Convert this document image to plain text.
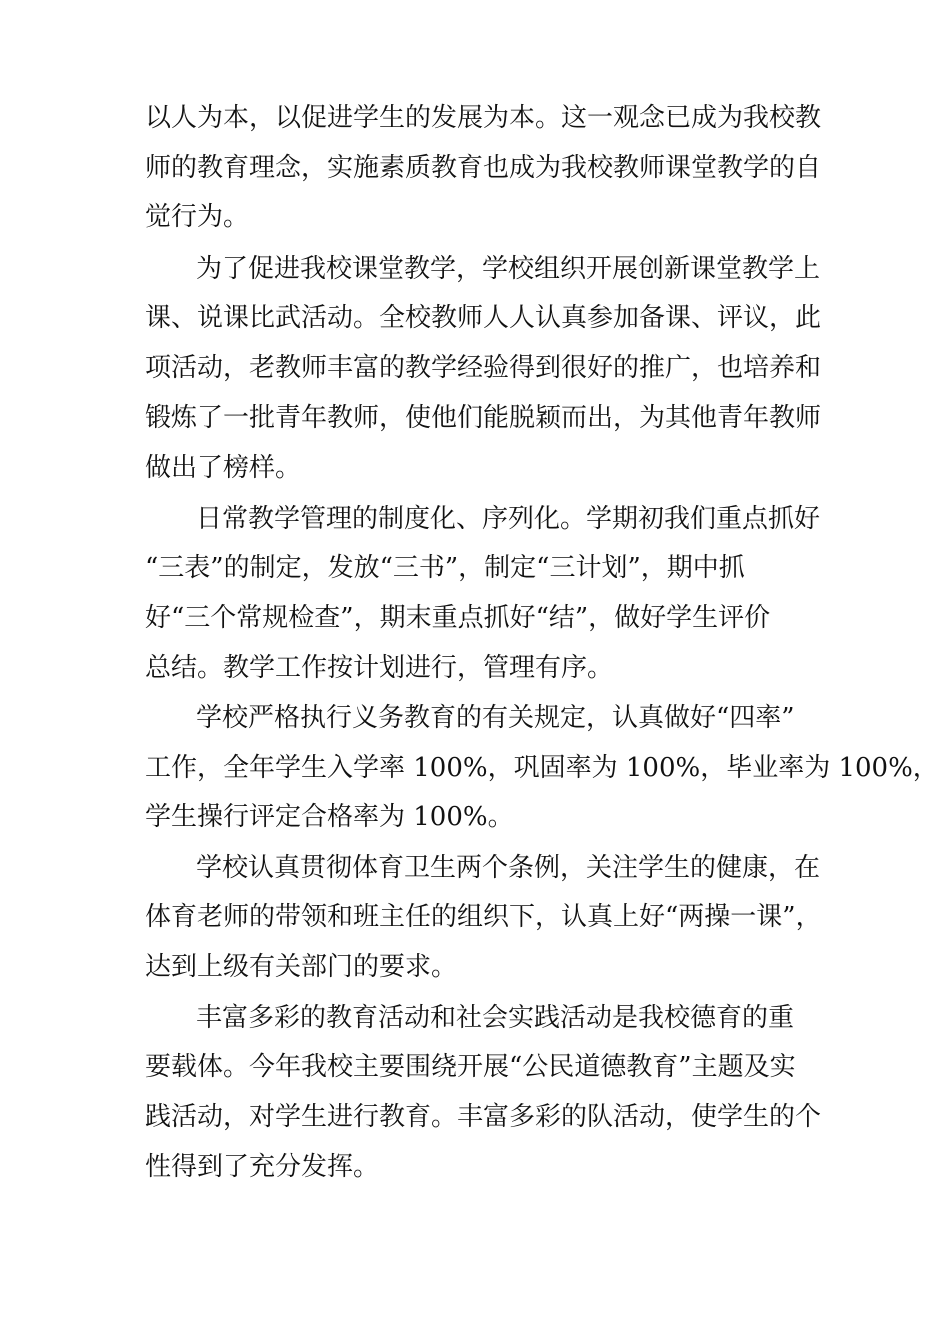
以人为本，以促进学生的发展为本。这一观念已成为我校教
师的教育理念，实施素质教育也成为我校教师课堂教学的自
觉行为。
为了促进我校课堂教学，学校组织开展创新课堂教学上
课、说课比武活动。全校教师人人认真参加备课、评议，此
项活动，老教师丰富的教学经验得到很好的推广，也培养和
锻炼了一批青年教师，使他们能脱颖而出，为其他青年教师
做出了榜样。
日常教学管理的制度化、序列化。学期初我们重点抓好
“三表”的制定，发放“三书”，制定“三计划”，期中抓
好“三个常规检查”，期末重点抓好“结”，做好学生评价
总结。教学工作按计划进行，管理有序。
学校严格执行义务教育的有关规定，认真做好“四率”
工作，全年学生入学率 100%，巩固率为 100%，毕业率为 100%，
学生操行评定合格率为 100%。
学校认真贯彻体育卫生两个条例，关注学生的健康，在
体育老师的带领和班主任的组织下，认真上好“两操一课”，
达到上级有关部门的要求。
丰富多彩的教育活动和社会实践活动是我校德育的重
要载体。今年我校主要围绕开展“公民道德教育”主题及实
践活动，对学生进行教育。丰富多彩的队活动，使学生的个
性得到了充分发挥。
